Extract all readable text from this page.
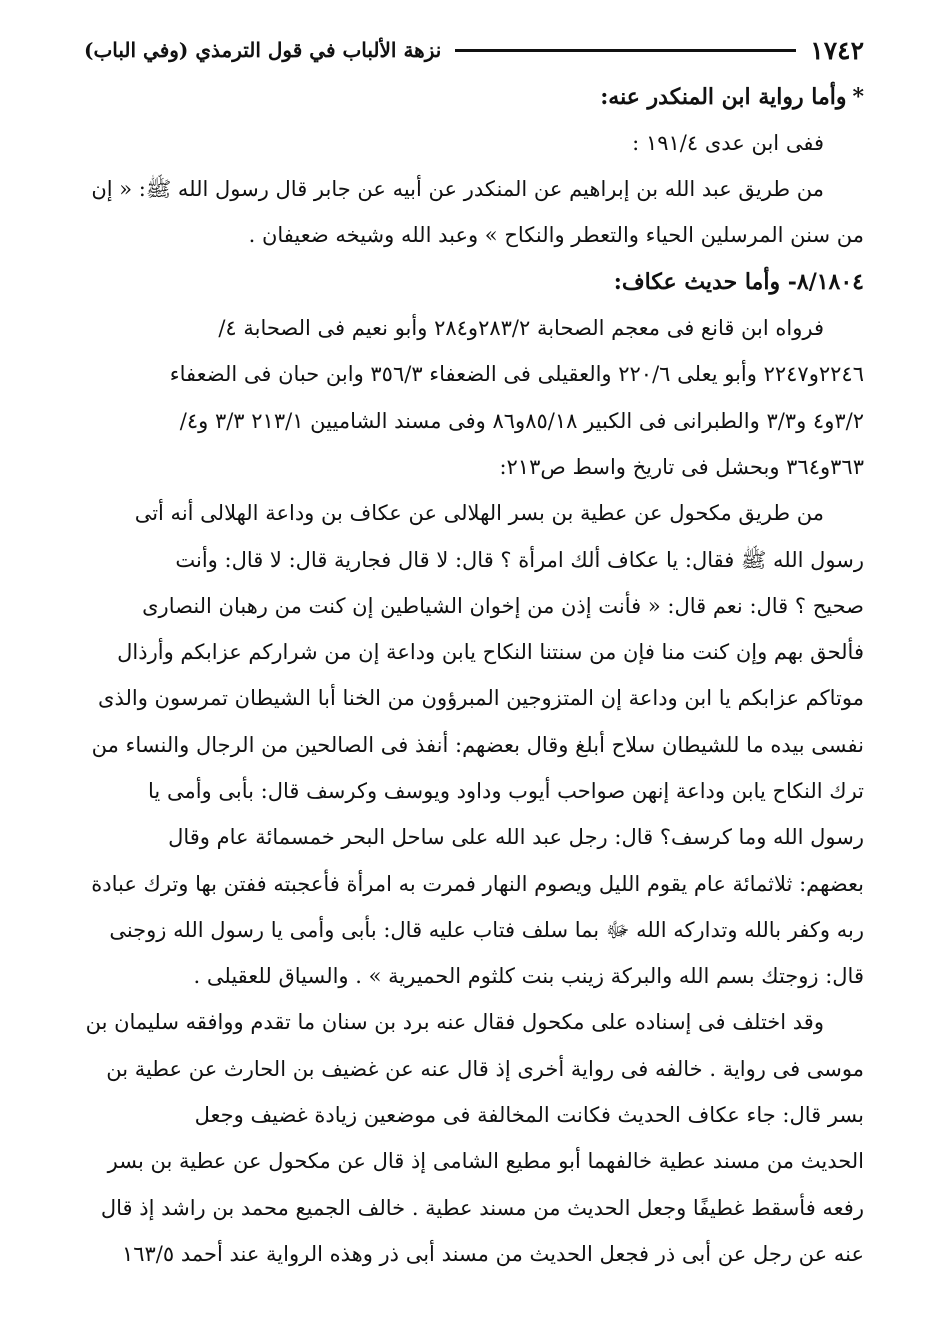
١٧٤٢
نزهة الألباب في قول الترمذي (وفي الباب)
*
وأما رواية ابن المنكدر عنه:
ففى ابن عدى ١٩١/٤ :
من طريق عبد الله بن إبراهيم عن المنكدر عن أبيه عن جابر قال رسول الله ﷺ: « إن
من سنن المرسلين الحياء والتعطر والنكاح » وعبد الله وشيخه ضعيفان .
٨/١٨٠٤- وأما حديث عكاف:
فرواه ابن قانع فى معجم الصحابة ٢٨٣/٢و٢٨٤ وأبو نعيم فى الصحابة ٤/
٢٢٤٦و٢٢٤٧ وأبو يعلى ٢٢٠/٦ والعقيلى فى الضعفاء ٣٥٦/٣ وابن حبان فى الضعفاء
٣/٢و٤ و٣/٣ والطبرانى فى الكبير ٨٥/١٨و٨٦ وفى مسند الشاميين ٢١٣/١ ٣/٣ و٤/
٣٦٣و٣٦٤ وبحشل فى تاريخ واسط ص٢١٣:
من طريق مكحول عن عطية بن بسر الهلالى عن عكاف بن وداعة الهلالى أنه أتى
رسول الله ﷺ فقال: يا عكاف ألك امرأة ؟ قال: لا قال فجارية قال: لا قال: وأنت
صحيح ؟ قال: نعم قال: « فأنت إذن من إخوان الشياطين إن كنت من رهبان النصارى
فألحق بهم وإن كنت منا فإن من سنتنا النكاح يابن وداعة إن من شراركم عزابكم وأرذال
موتاكم عزابكم يا ابن وداعة إن المتزوجين المبرؤون من الخنا أبا الشيطان تمرسون والذى
نفسى بيده ما للشيطان سلاح أبلغ وقال بعضهم: أنفذ فى الصالحين من الرجال والنساء من
ترك النكاح يابن وداعة إنهن صواحب أيوب وداود ويوسف وكرسف قال: بأبى وأمى يا
رسول الله وما كرسف؟ قال: رجل عبد الله على ساحل البحر خمسمائة عام وقال
بعضهم: ثلاثمائة عام يقوم الليل ويصوم النهار فمرت به امرأة فأعجبته ففتن بها وترك عبادة
ربه وكفر بالله وتداركه الله ﷻ بما سلف فتاب عليه قال: بأبى وأمى يا رسول الله زوجنى
قال: زوجتك بسم الله والبركة زينب بنت كلثوم الحميرية » . والسياق للعقيلى .
وقد اختلف فى إسناده على مكحول فقال عنه برد بن سنان ما تقدم ووافقه سليمان بن
موسى فى رواية . خالفه فى رواية أخرى إذ قال عنه عن غضيف بن الحارث عن عطية بن
بسر قال: جاء عكاف الحديث فكانت المخالفة فى موضعين زيادة غضيف وجعل
الحديث من مسند عطية خالفهما أبو مطيع الشامى إذ قال عن مكحول عن عطية بن بسر
رفعه فأسقط غطيفًا وجعل الحديث من مسند عطية . خالف الجميع محمد بن راشد إذ قال
عنه عن رجل عن أبى ذر فجعل الحديث من مسند أبى ذر وهذه الرواية عند أحمد ١٦٣/٥
